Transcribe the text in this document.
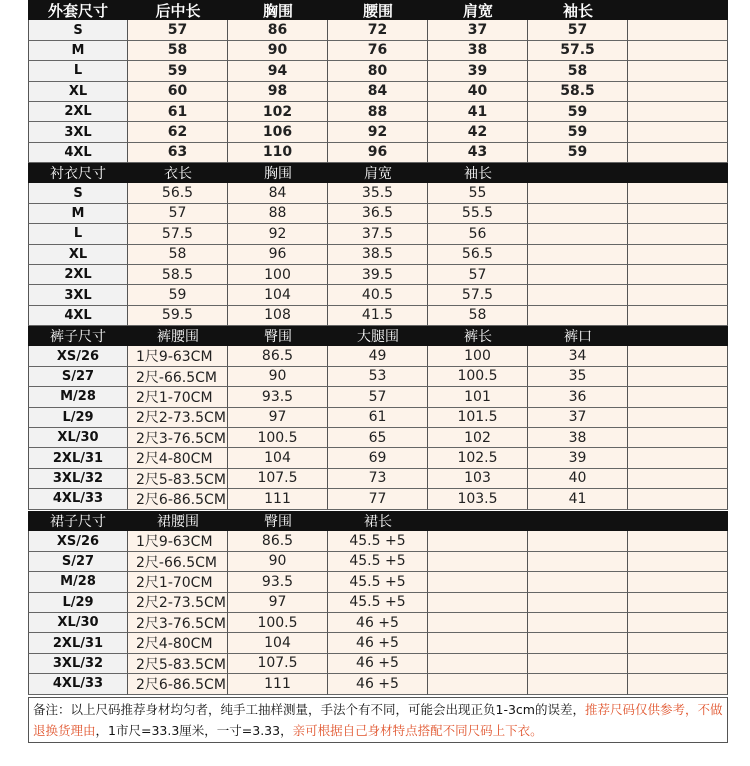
外套尺寸	后中长	胸围	腰围	肩宽	袖长
S	57	86	72	37	57
M	58	90	76	38	57.5
L	59	94	80	39	58
XL	60	98	84	40	58.5
2XL	61	102	88	41	59
3XL	62	106	92	42	59
4XL	63	110	96	43	59
衬衣尺寸	衣长	胸围	肩宽	袖长
S	56.5	84	35.5	55
M	57	88	36.5	55.5
L	57.5	92	37.5	56
XL	58	96	38.5	56.5
2XL	58.5	100	39.5	57
3XL	59	104	40.5	57.5
4XL	59.5	108	41.5	58
裤子尺寸	裤腰围	臀围	大腿围	裤长	裤口
XS/26	1尺9-63CM	86.5	49	100	34
S/27	2尺-66.5CM	90	53	100.5	35
M/28	2尺1-70CM	93.5	57	101	36
L/29	2尺2-73.5CM	97	61	101.5	37
XL/30	2尺3-76.5CM	100.5	65	102	38
2XL/31	2尺4-80CM	104	69	102.5	39
3XL/32	2尺5-83.5CM	107.5	73	103	40
4XL/33	2尺6-86.5CM	111	77	103.5	41
裙子尺寸	裙腰围	臀围	裙长
XS/26	1尺9-63CM	86.5	45.5 +5
S/27	2尺-66.5CM	90	45.5 +5
M/28	2尺1-70CM	93.5	45.5 +5
L/29	2尺2-73.5CM	97	45.5 +5
XL/30	2尺3-76.5CM	100.5	46 +5
2XL/31	2尺4-80CM	104	46 +5
3XL/32	2尺5-83.5CM	107.5	46 +5
4XL/33	2尺6-86.5CM	111	46 +5
备注：以上尺码推荐身材均匀者，纯手工抽样测量，手法个有不同，可能会出现正负1-3cm的误差，推荐尺码仅供参考，不做退换货理由，1市尺=33.3厘米，一寸=3.33，亲可根据自己身材特点搭配不同尺码上下衣。
